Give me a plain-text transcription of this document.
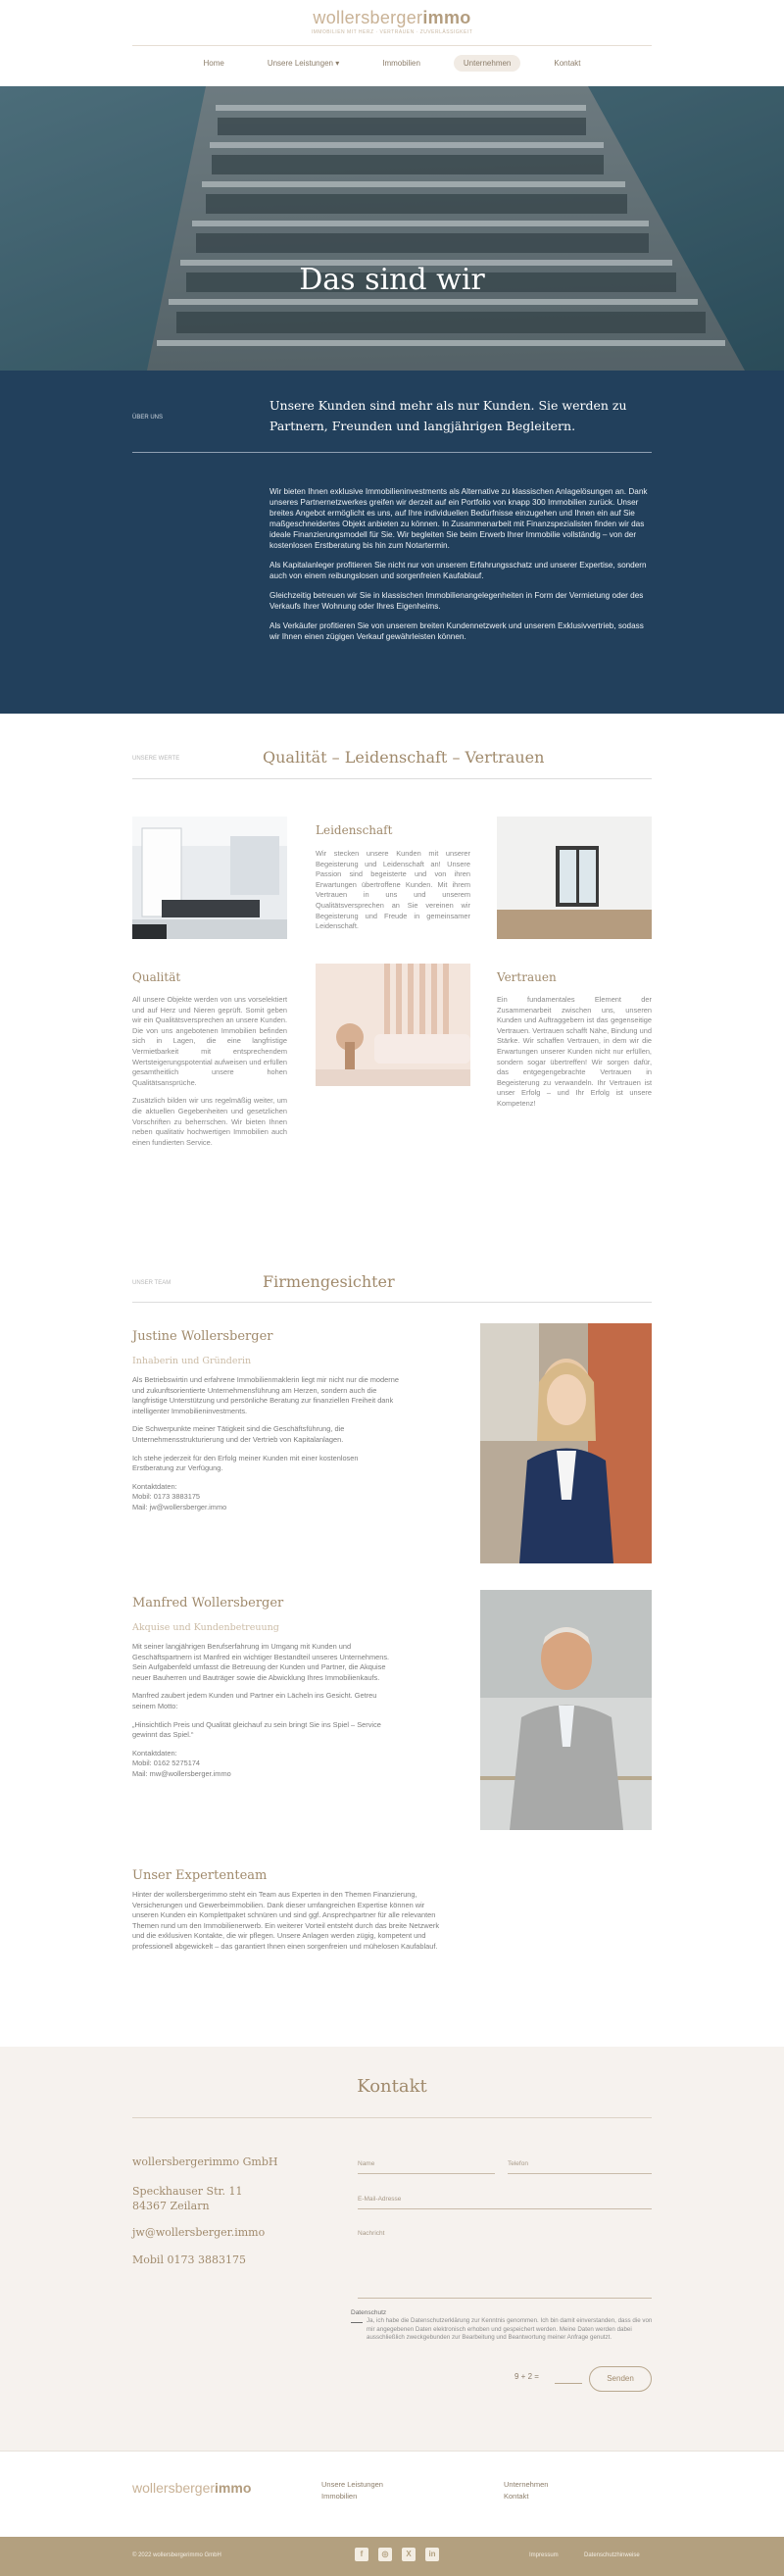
wollersbergerimmo
IMMOBILIEN MIT HERZ · VERTRAUEN · ZUVERLÄSSIGKEIT
Home	Unsere Leistungen ▾	Immobilien	Unternehmen	Kontakt
Das sind wir
ÜBER UNS
Unsere Kunden sind mehr als nur Kunden. Sie werden zu Partnern, Freunden und langjährigen Begleitern.

Wir bieten Ihnen exklusive Immobilieninvestments als Alternative zu klassischen Anlagelösungen an. Dank unseres Partnernetzwerkes greifen wir derzeit auf ein Portfolio von knapp 300 Immobilien zurück. Unser breites Angebot ermöglicht es uns, auf Ihre individuellen Bedürfnisse einzugehen und Ihnen ein auf Sie maßgeschneidertes Objekt anbieten zu können. In Zusammenarbeit mit Finanzspezialisten finden wir das ideale Finanzierungsmodell für Sie. Wir begleiten Sie beim Erwerb Ihrer Immobilie vollständig – von der kostenlosen Erstberatung bis hin zum Notartermin.

Als Kapitalanleger profitieren Sie nicht nur von unserem Erfahrungsschatz und unserer Expertise, sondern auch von einem reibungslosen und sorgenfreien Kaufablauf.

Gleichzeitig betreuen wir Sie in klassischen Immobilienangelegenheiten in Form der Vermietung oder des Verkaufs Ihrer Wohnung oder Ihres Eigenheims.

Als Verkäufer profitieren Sie von unserem breiten Kundennetzwerk und unserem Exklusivvertrieb, sodass wir Ihnen einen zügigen Verkauf gewährleisten können.

UNSERE WERTE	Qualität – Leidenschaft – Vertrauen
Leidenschaft
Wir stecken unsere Kunden mit unserer Begeisterung und Leidenschaft an! Unsere Passion sind begeisterte und von ihren Erwartungen übertroffene Kunden. Mit ihrem Vertrauen in uns und unserem Qualitätsversprechen an Sie vereinen wir Begeisterung und Freude in gemeinsamer Leidenschaft.
Qualität

All unsere Objekte werden von uns vorselektiert und auf Herz und Nieren geprüft. Somit geben wir ein Qualitätsversprechen an unsere Kunden. Die von uns angebotenen Immobilien befinden sich in Lagen, die eine langfristige Vermietbarkeit mit entsprechendem Wertsteigerungspotential aufweisen und erfüllen gesamtheitlich unsere hohen Qualitätsansprüche.

Zusätzlich bilden wir uns regelmäßig weiter, um die aktuellen Gegebenheiten und gesetzlichen Vorschriften zu beherrschen. Wir bieten Ihnen neben qualitativ hochwertigen Immobilien auch einen fundierten Service.

Vertrauen
Ein fundamentales Element der Zusammenarbeit zwischen uns, unseren Kunden und Auftraggebern ist das gegenseitige Vertrauen. Vertrauen schafft Nähe, Bindung und Stärke. Wir schaffen Vertrauen, in dem wir die Erwartungen unserer Kunden nicht nur erfüllen, sondern sogar übertreffen! Wir sorgen dafür, das entgegengebrachte Vertrauen in Begeisterung zu verwandeln. Ihr Vertrauen ist unser Erfolg – und Ihr Erfolg ist unsere Kompetenz!
UNSER TEAM	Firmengesichter
Justine Wollersberger
Inhaberin und Gründerin

Als Betriebswirtin und erfahrene Immobilienmaklerin liegt mir nicht nur die moderne und zukunftsorientierte Unternehmensführung am Herzen, sondern auch die langfristige Unterstützung und persönliche Beratung zur finanziellen Freiheit dank intelligenter Immobilieninvestments.

Die Schwerpunkte meiner Tätigkeit sind die Geschäftsführung, die Unternehmensstrukturierung und der Vertrieb von Kapitalanlagen.

Ich stehe jederzeit für den Erfolg meiner Kunden mit einer kostenlosen Erstberatung zur Verfügung.

Kontaktdaten:
Mobil: 0173 3883175
Mail: jw@wollersberger.immo
Manfred Wollersberger
Akquise und Kundenbetreuung

Mit seiner langjährigen Berufserfahrung im Umgang mit Kunden und Geschäftspartnern ist Manfred ein wichtiger Bestandteil unseres Unternehmens. Sein Aufgabenfeld umfasst die Betreuung der Kunden und Partner, die Akquise neuer Bauherren und Bauträger sowie die Abwicklung Ihres Immobilienkaufs.

Manfred zaubert jedem Kunden und Partner ein Lächeln ins Gesicht. Getreu seinem Motto:

„Hinsichtlich Preis und Qualität gleichauf zu sein bringt Sie ins Spiel – Service gewinnt das Spiel.“

Kontaktdaten:
Mobil: 0162 5275174
Mail: mw@wollersberger.immo
Unser Expertenteam
Hinter der wollersbergerimmo steht ein Team aus Experten in den Themen Finanzierung, Versicherungen und Gewerbeimmobilien. Dank dieser umfangreichen Expertise können wir unseren Kunden ein Komplettpaket schnüren und sind ggf. Ansprechpartner für alle relevanten Themen rund um den Immobilienerwerb. Ein weiterer Vorteil entsteht durch das breite Netzwerk und die exklusiven Kontakte, die wir pflegen. Unsere Anlagen werden zügig, kompetent und professionell abgewickelt – das garantiert Ihnen einen sorgenfreien und mühelosen Kaufablauf.
Kontakt
wollersbergerimmo GmbH
Speckhauser Str. 11
84367 Zeilarn
jw@wollersberger.immo
Mobil 0173 3883175
Name	Telefon
E-Mail-Adresse
Nachricht
Datenschutz
Ja, ich habe die Datenschutzerklärung zur Kenntnis genommen. Ich bin damit einverstanden, dass die von mir angegebenen Daten elektronisch erhoben und gespeichert werden. Meine Daten werden dabei ausschließlich zweckgebunden zur Bearbeitung und Beantwortung meiner Anfrage genutzt.
9 + 2 =	Senden
wollersbergerimmo	Unsere Leistungen
Immobilien
Unternehmen
Kontakt
© 2022 wollersbergerimmo GmbH	f	◎	X	in	Impressum	Datenschutzhinweise
